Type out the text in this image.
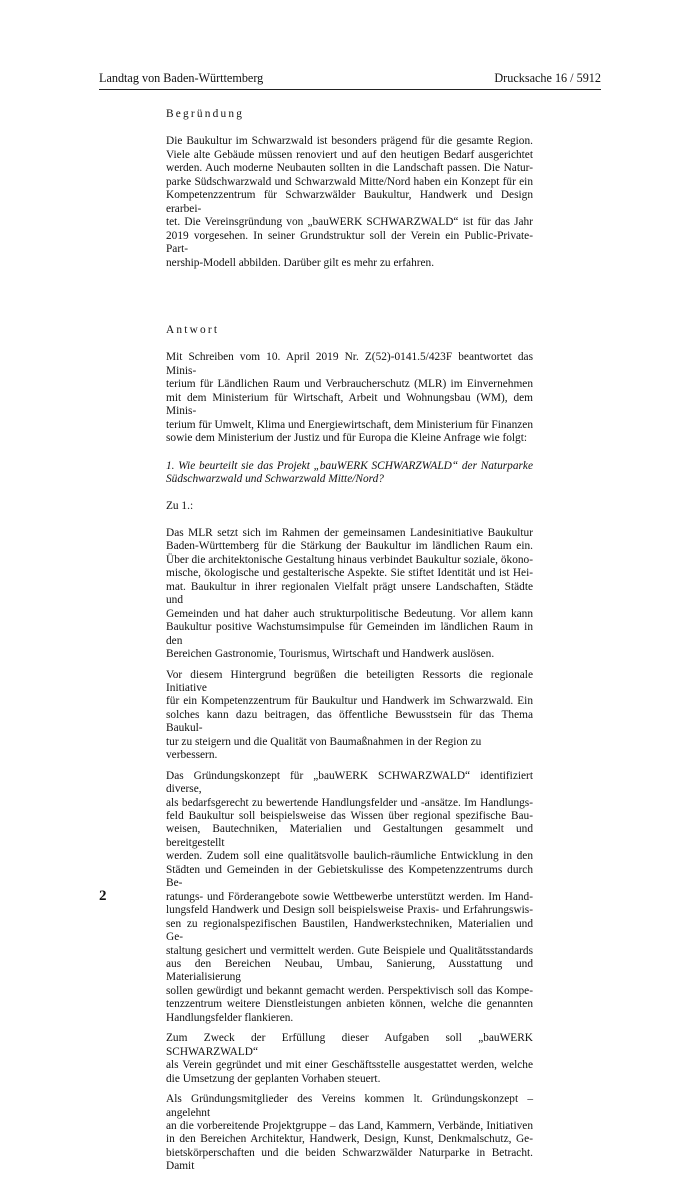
Landtag von Baden-Württemberg	Drucksache 16 / 5912
Begründung
Die Baukultur im Schwarzwald ist besonders prägend für die gesamte Region.
Viele alte Gebäude müssen renoviert und auf den heutigen Bedarf ausgerichtet
werden. Auch moderne Neubauten sollten in die Landschaft passen. Die Natur-
parke Südschwarzwald und Schwarzwald Mitte/Nord haben ein Konzept für ein
Kompetenzzentrum für Schwarzwälder Baukultur, Handwerk und Design erarbei-
tet. Die Vereinsgründung von „bauWERK SCHWARZWALD“ ist für das Jahr
2019 vorgesehen. In seiner Grundstruktur soll der Verein ein Public-Private-Part-
nership-Modell abbilden. Darüber gilt es mehr zu erfahren.
Antwort
Mit Schreiben vom 10. April 2019 Nr. Z(52)-0141.5/423F beantwortet das Minis-
terium für Ländlichen Raum und Verbraucherschutz (MLR) im Einvernehmen
mit dem Ministerium für Wirtschaft, Arbeit und Wohnungsbau (WM), dem Minis-
terium für Umwelt, Klima und Energiewirtschaft, dem Ministerium für Finanzen
sowie dem Ministerium der Justiz und für Europa die Kleine Anfrage wie folgt:
1. Wie beurteilt sie das Projekt „bauWERK SCHWARZWALD“ der Naturparke
Südschwarzwald und Schwarzwald Mitte/Nord?

Zu 1.:

Das MLR setzt sich im Rahmen der gemeinsamen Landesinitiative Baukultur
Baden-Württemberg für die Stärkung der Baukultur im ländlichen Raum ein.
Über die architektonische Gestaltung hinaus verbindet Baukultur soziale, ökono-
mische, ökologische und gestalterische Aspekte. Sie stiftet Identität und ist Hei-
mat. Baukultur in ihrer regionalen Vielfalt prägt unsere Landschaften, Städte und
Gemeinden und hat daher auch strukturpolitische Bedeutung. Vor allem kann
Baukultur positive Wachstumsimpulse für Gemeinden im ländlichen Raum in den
Bereichen Gastronomie, Tourismus, Wirtschaft und Handwerk auslösen.
Vor diesem Hintergrund begrüßen die beteiligten Ressorts die regionale Initiative
für ein Kompetenzzentrum für Baukultur und Handwerk im Schwarzwald. Ein
solches kann dazu beitragen, das öffentliche Bewusstsein für das Thema Baukul-
tur zu steigern und die Qualität von Baumaßnahmen in der Region zu verbessern.
Das Gründungskonzept für „bauWERK SCHWARZWALD“ identifiziert diverse,
als bedarfsgerecht zu bewertende Handlungsfelder und -ansätze. Im Handlungs-
feld Baukultur soll beispielsweise das Wissen über regional spezifische Bau-
weisen, Bautechniken, Materialien und Gestaltungen gesammelt und bereitgestellt
werden. Zudem soll eine qualitätsvolle baulich-räumliche Entwicklung in den
Städten und Gemeinden in der Gebietskulisse des Kompetenzzentrums durch Be-
ratungs- und Förderangebote sowie Wettbewerbe unterstützt werden. Im Hand-
lungsfeld Handwerk und Design soll beispielsweise Praxis- und Erfahrungswis-
sen zu regionalspezifischen Baustilen, Handwerkstechniken, Materialien und Ge-
staltung gesichert und vermittelt werden. Gute Beispiele und Qualitätsstandards
aus den Bereichen Neubau, Umbau, Sanierung, Ausstattung und Materialisierung
sollen gewürdigt und bekannt gemacht werden. Perspektivisch soll das Kompe-
tenzzentrum weitere Dienstleistungen anbieten können, welche die genannten
Handlungsfelder flankieren.
Zum Zweck der Erfüllung dieser Aufgaben soll „bauWERK SCHWARZWALD“
als Verein gegründet und mit einer Geschäftsstelle ausgestattet werden, welche
die Umsetzung der geplanten Vorhaben steuert.
Als Gründungsmitglieder des Vereins kommen lt. Gründungskonzept – angelehnt
an die vorbereitende Projektgruppe – das Land, Kammern, Verbände, Initiativen
in den Bereichen Architektur, Handwerk, Design, Kunst, Denkmalschutz, Ge-
bietskörperschaften und die beiden Schwarzwälder Naturparke in Betracht. Damit
2
